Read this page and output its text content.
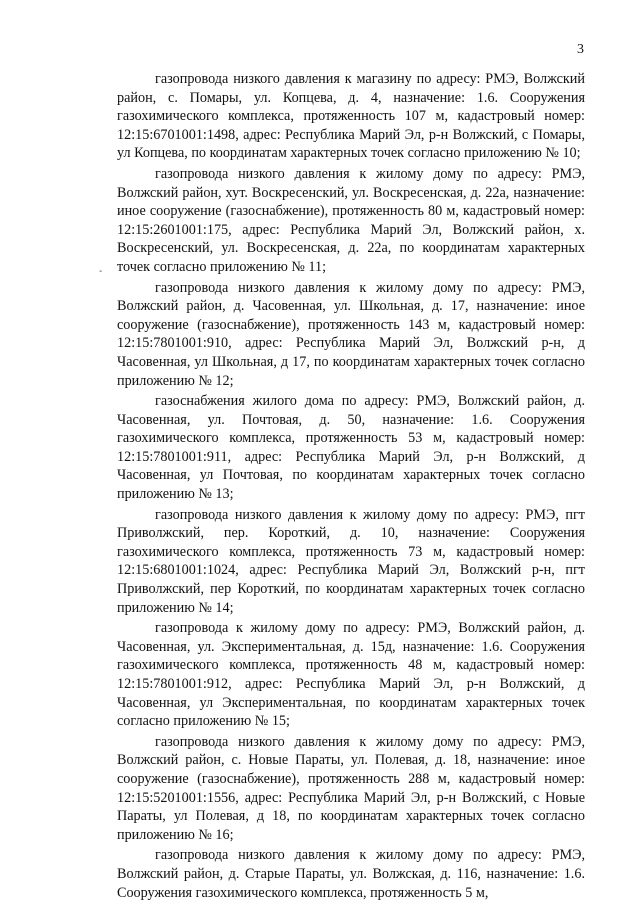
3
-

газопровода низкого давления к магазину по адресу: РМЭ, Волжский район, с. Помары, ул. Копцева, д. 4, назначение: 1.6. Сооружения газохимического комплекса, протяженность 107 м, кадастровый номер: 12:15:6701001:1498, адрес: Республика Марий Эл, р-н Волжский, с Помары, ул Копцева, по координатам характерных точек согласно приложению № 10;

газопровода низкого давления к жилому дому по адресу: РМЭ, Волжский район, хут. Воскресенский, ул. Воскресенская, д. 22а, назначение: иное сооружение (газоснабжение), протяженность 80 м, кадастровый номер: 12:15:2601001:175, адрес: Республика Марий Эл, Волжский район, х. Воскресенский, ул. Воскресенская, д. 22а, по координатам характерных точек согласно приложению № 11;

газопровода низкого давления к жилому дому по адресу: РМЭ, Волжский район, д. Часовенная, ул. Школьная, д. 17, назначение: иное сооружение (газоснабжение), протяженность 143 м, кадастровый номер: 12:15:7801001:910, адрес: Республика Марий Эл, Волжский р-н, д Часовенная, ул Школьная, д 17, по координатам характерных точек согласно приложению № 12;

газоснабжения жилого дома по адресу: РМЭ, Волжский район, д. Часовенная, ул. Почтовая, д. 50, назначение: 1.6. Сооружения газохимического комплекса, протяженность 53 м, кадастровый номер: 12:15:7801001:911, адрес: Республика Марий Эл, р-н Волжский, д Часовенная, ул Почтовая, по координатам характерных точек согласно приложению № 13;

газопровода низкого давления к жилому дому по адресу: РМЭ, пгт Приволжский, пер. Короткий, д. 10, назначение: Сооружения газохимического комплекса, протяженность 73 м, кадастровый номер: 12:15:6801001:1024, адрес: Республика Марий Эл, Волжский р-н, пгт Приволжский, пер Короткий, по координатам характерных точек согласно приложению № 14;

газопровода к жилому дому по адресу: РМЭ, Волжский район, д. Часовенная, ул. Экспериментальная, д. 15д, назначение: 1.6. Сооружения газохимического комплекса, протяженность 48 м, кадастровый номер: 12:15:7801001:912, адрес: Республика Марий Эл, р-н Волжский, д Часовенная, ул Экспериментальная, по координатам характерных точек согласно приложению № 15;

газопровода низкого давления к жилому дому по адресу: РМЭ, Волжский район, с. Новые Параты, ул. Полевая, д. 18, назначение: иное сооружение (газоснабжение), протяженность 288 м, кадастровый номер: 12:15:5201001:1556, адрес: Республика Марий Эл, р-н Волжский, с Новые Параты, ул Полевая, д 18, по координатам характерных точек согласно приложению № 16;

газопровода низкого давления к жилому дому по адресу: РМЭ, Волжский район, д. Старые Параты, ул. Волжская, д. 116, назначение: 1.6. Сооружения газохимического комплекса, протяженность 5 м,
